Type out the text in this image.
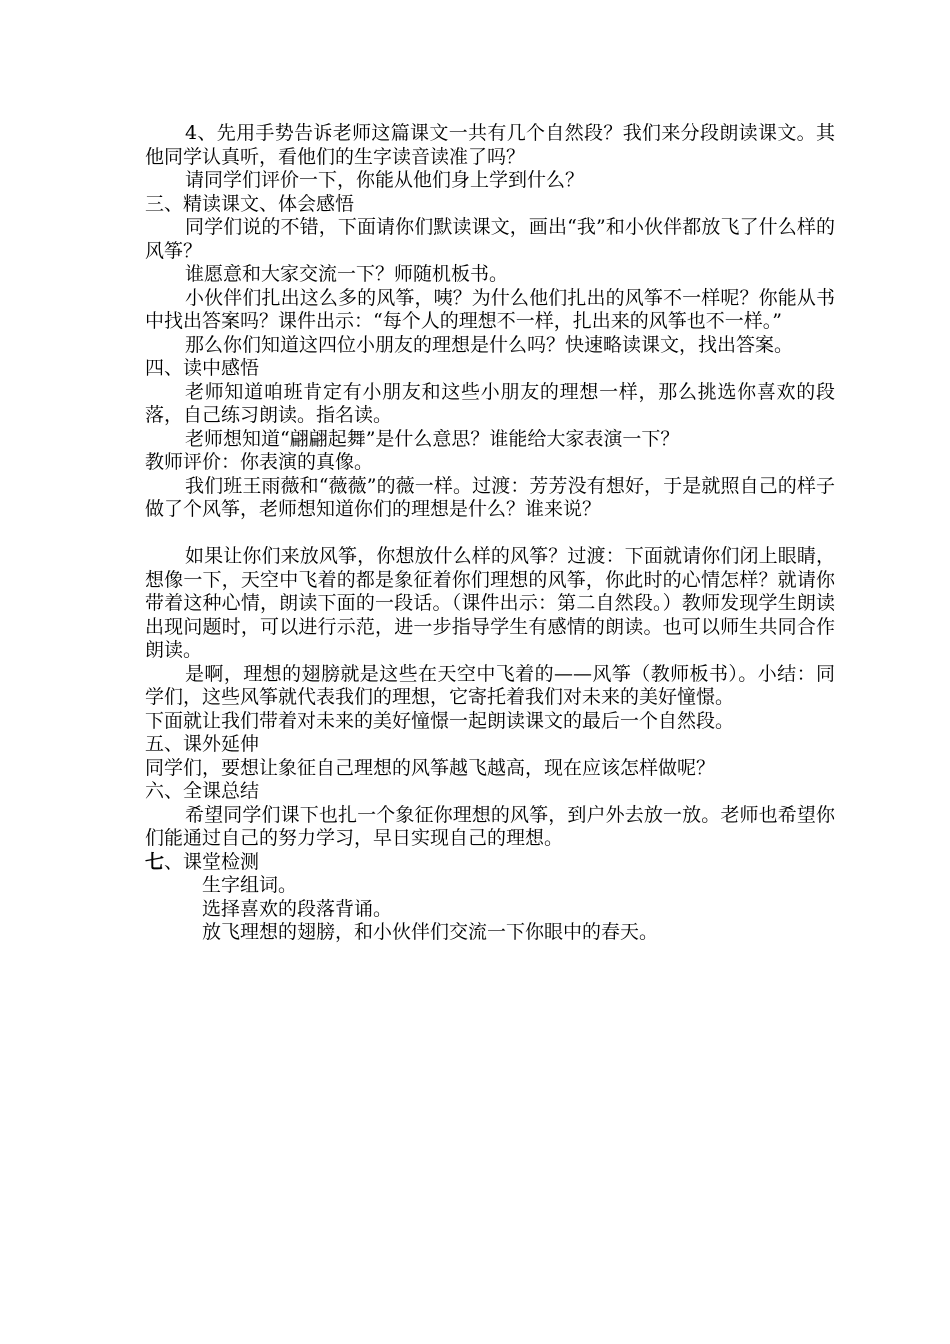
4、先用手势告诉老师这篇课文一共有几个自然段？我们来分段朗读课文。其他同学认真听，看他们的生字读音读准了吗？

请同学们评价一下，你能从他们身上学到什么？

三、精读课文、体会感悟

同学们说的不错，下面请你们默读课文，画出“我”和小伙伴都放飞了什么样的风筝？

谁愿意和大家交流一下？师随机板书。

小伙伴们扎出这么多的风筝，咦？为什么他们扎出的风筝不一样呢？你能从书中找出答案吗？课件出示：“每个人的理想不一样，扎出来的风筝也不一样。”

那么你们知道这四位小朋友的理想是什么吗？快速略读课文，找出答案。

四、读中感悟

老师知道咱班肯定有小朋友和这些小朋友的理想一样，那么挑选你喜欢的段落，自己练习朗读。指名读。

老师想知道“翩翩起舞”是什么意思？谁能给大家表演一下？

教师评价：你表演的真像。

我们班王雨薇和“薇薇”的薇一样。过渡：芳芳没有想好，于是就照自己的样子做了个风筝，老师想知道你们的理想是什么？谁来说？

如果让你们来放风筝，你想放什么样的风筝？过渡：下面就请你们闭上眼睛，想像一下，天空中飞着的都是象征着你们理想的风筝，你此时的心情怎样？就请你带着这种心情，朗读下面的一段话。（课件出示：第二自然段。）教师发现学生朗读出现问题时，可以进行示范，进一步指导学生有感情的朗读。也可以师生共同合作朗读。

是啊，理想的翅膀就是这些在天空中飞着的——风筝（教师板书）。小结：同学们，这些风筝就代表我们的理想，它寄托着我们对未来的美好憧憬。

下面就让我们带着对未来的美好憧憬一起朗读课文的最后一个自然段。

五、课外延伸

同学们，要想让象征自己理想的风筝越飞越高，现在应该怎样做呢？

六、全课总结

希望同学们课下也扎一个象征你理想的风筝，到户外去放一放。老师也希望你们能通过自己的努力学习，早日实现自己的理想。

七、课堂检测

生字组词。

选择喜欢的段落背诵。

放飞理想的翅膀，和小伙伴们交流一下你眼中的春天。
